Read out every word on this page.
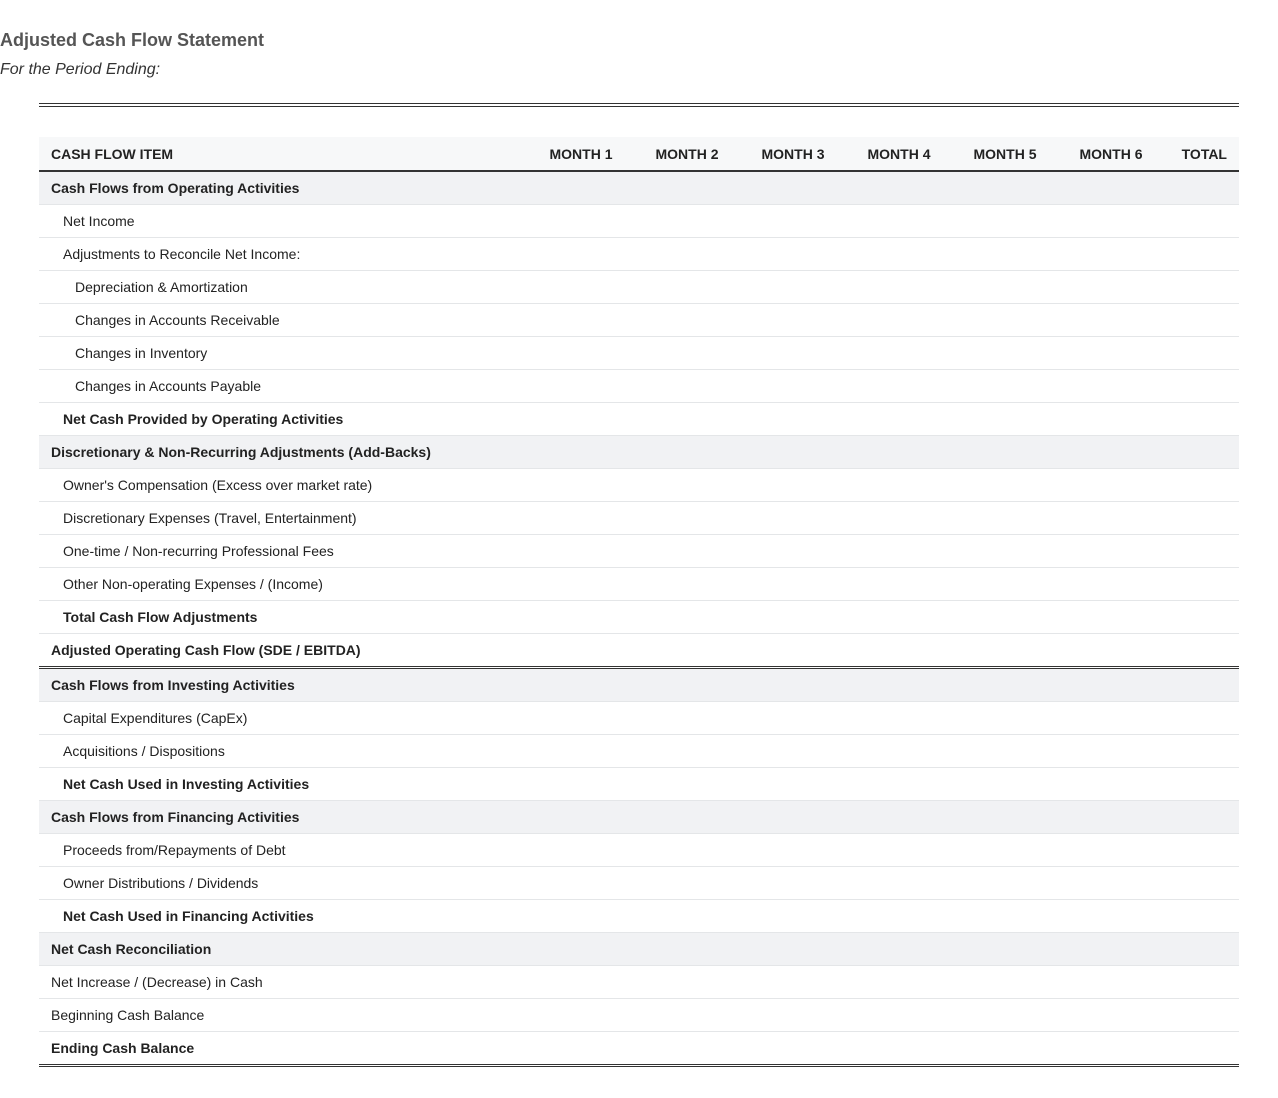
Adjusted Cash Flow Statement
For the Period Ending:
CASH FLOW ITEM	MONTH 1	MONTH 2	MONTH 3	MONTH 4	MONTH 5	MONTH 6	TOTAL
Cash Flows from Operating Activities							
Net Income							
Adjustments to Reconcile Net Income:							
Depreciation & Amortization							
Changes in Accounts Receivable							
Changes in Inventory							
Changes in Accounts Payable							
Net Cash Provided by Operating Activities							
Discretionary & Non-Recurring Adjustments (Add-Backs)							
Owner's Compensation (Excess over market rate)							
Discretionary Expenses (Travel, Entertainment)							
One-time / Non-recurring Professional Fees							
Other Non-operating Expenses / (Income)							
Total Cash Flow Adjustments							
Adjusted Operating Cash Flow (SDE / EBITDA)							
Cash Flows from Investing Activities							
Capital Expenditures (CapEx)							
Acquisitions / Dispositions							
Net Cash Used in Investing Activities							
Cash Flows from Financing Activities							
Proceeds from/Repayments of Debt							
Owner Distributions / Dividends							
Net Cash Used in Financing Activities							
Net Cash Reconciliation							
Net Increase / (Decrease) in Cash							
Beginning Cash Balance							
Ending Cash Balance							
